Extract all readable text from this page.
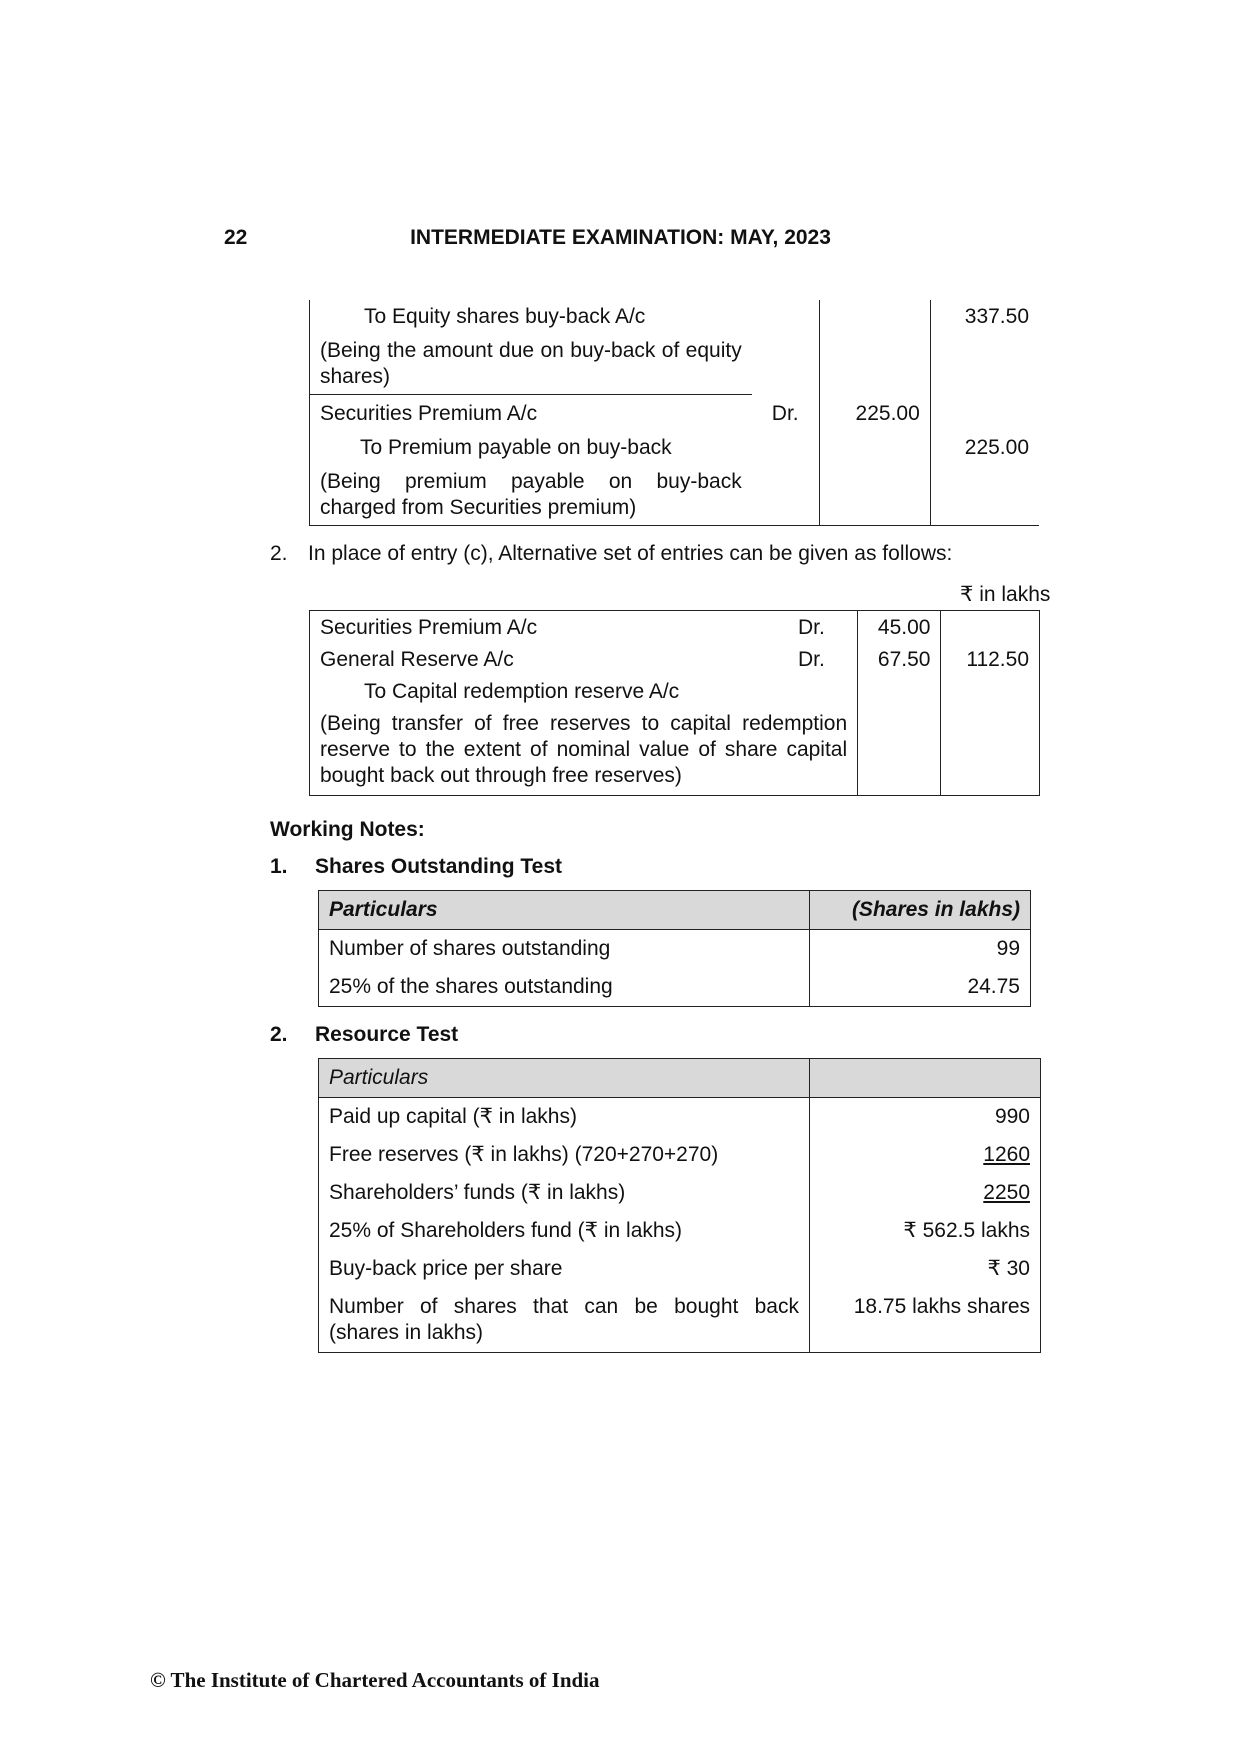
22	INTERMEDIATE EXAMINATION: MAY, 2023
To Equity shares buy-back A/c			337.50
(Being the amount due on buy-back of equity shares)			
Securities Premium A/c	Dr.	225.00	
To Premium payable on buy-back			225.00
(Being premium payable on buy-back charged from Securities premium)			
2. In place of entry (c), Alternative set of entries can be given as follows:
₹ in lakhs
Securities Premium A/c	Dr.	45.00	
General Reserve A/c	Dr.	67.50	112.50
To Capital redemption reserve A/c			
(Being transfer of free reserves to capital redemption reserve to the extent of nominal value of share capital bought back out through free reserves)			
Working Notes:
1. Shares Outstanding Test
Particulars	(Shares in lakhs)
Number of shares outstanding	99
25% of the shares outstanding	24.75
2. Resource Test
Particulars	
Paid up capital (₹ in lakhs)	990
Free reserves (₹ in lakhs) (720+270+270)	1260
Shareholders’ funds (₹ in lakhs)	2250
25% of Shareholders fund (₹ in lakhs)	₹ 562.5 lakhs
Buy-back price per share	₹ 30
Number of shares that can be bought back (shares in lakhs)	18.75 lakhs shares
© The Institute of Chartered Accountants of India
